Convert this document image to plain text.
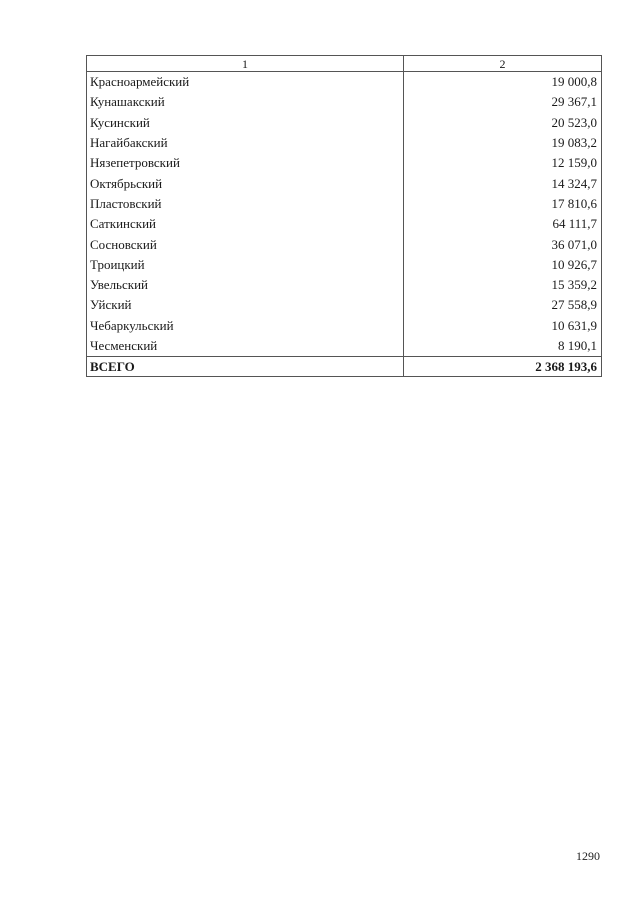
1	2
Красноармейский	19 000,8
Кунашакский	29 367,1
Кусинский	20 523,0
Нагайбакский	19 083,2
Нязепетровский	12 159,0
Октябрьский	14 324,7
Пластовский	17 810,6
Саткинский	64 111,7
Сосновский	36 071,0
Троицкий	10 926,7
Увельский	15 359,2
Уйский	27 558,9
Чебаркульский	10 631,9
Чесменский	8 190,1
ВСЕГО	2 368 193,6
1290
